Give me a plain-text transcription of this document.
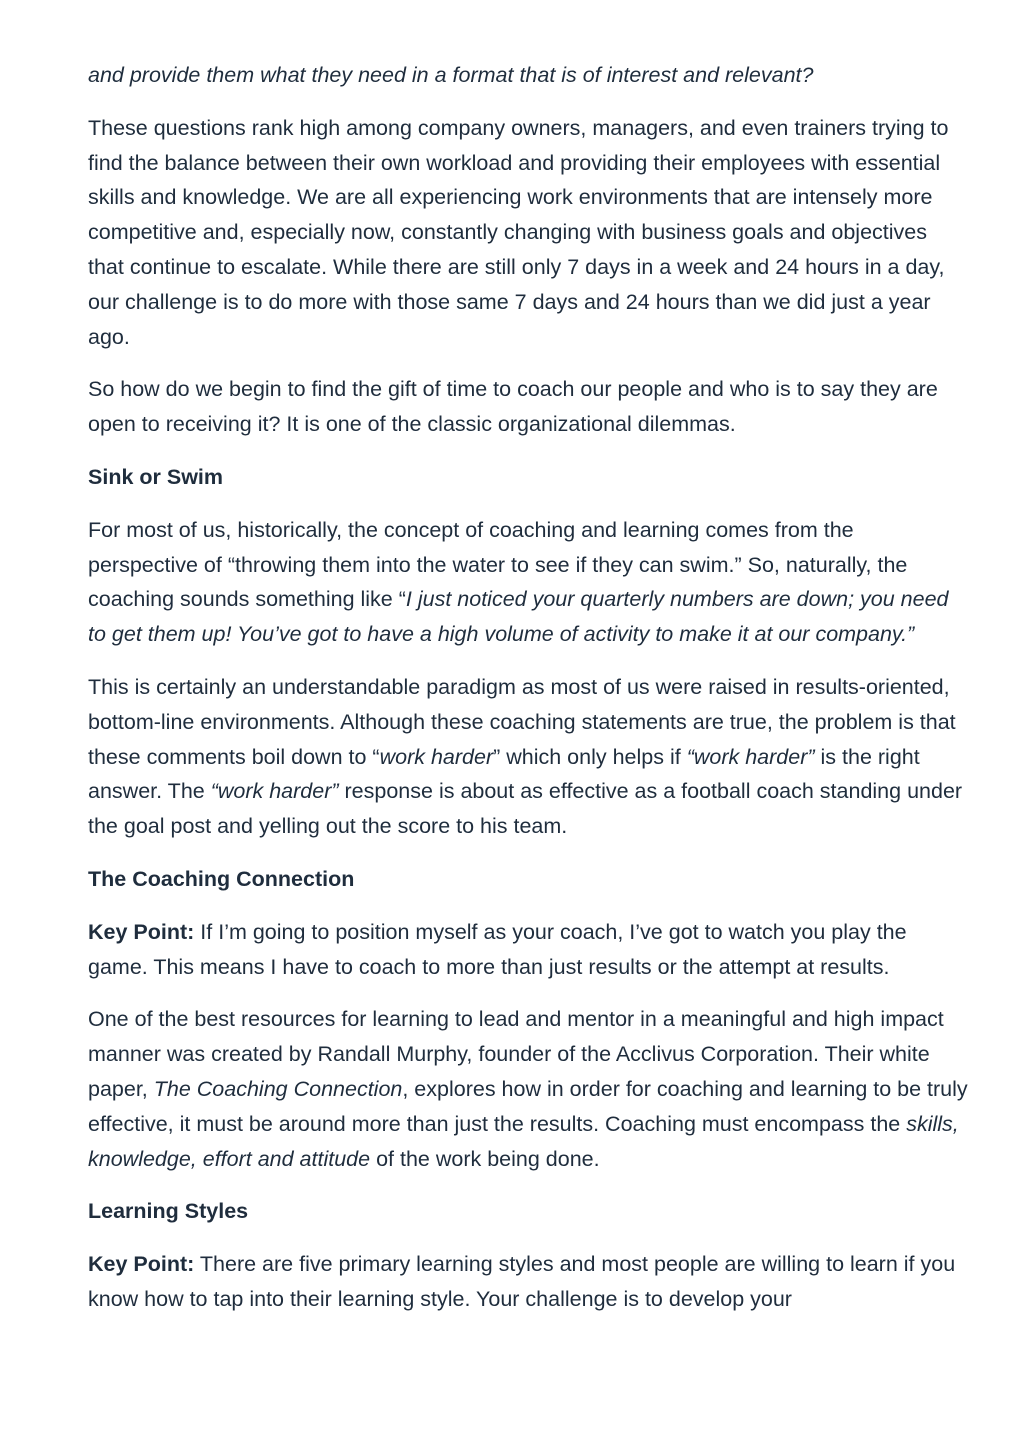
and provide them what they need in a format that is of interest and relevant?

These questions rank high among company owners, managers, and even trainers trying to find the balance between their own workload and providing their employees with essential skills and knowledge. We are all experiencing work environments that are intensely more competitive and, especially now, constantly changing with business goals and objectives that continue to escalate. While there are still only 7 days in a week and 24 hours in a day, our challenge is to do more with those same 7 days and 24 hours than we did just a year ago.

So how do we begin to find the gift of time to coach our people and who is to say they are open to receiving it? It is one of the classic organizational dilemmas.

Sink or Swim

For most of us, historically, the concept of coaching and learning comes from the perspective of “throwing them into the water to see if they can swim.” So, naturally, the coaching sounds something like “I just noticed your quarterly numbers are down; you need to get them up! You’ve got to have a high volume of activity to make it at our company.”

This is certainly an understandable paradigm as most of us were raised in results-oriented, bottom-line environments. Although these coaching statements are true, the problem is that these comments boil down to “work harder” which only helps if “work harder” is the right answer. The “work harder” response is about as effective as a football coach standing under the goal post and yelling out the score to his team.

The Coaching Connection

Key Point: If I’m going to position myself as your coach, I’ve got to watch you play the game. This means I have to coach to more than just results or the attempt at results.

One of the best resources for learning to lead and mentor in a meaningful and high impact manner was created by Randall Murphy, founder of the Acclivus Corporation. Their white paper, The Coaching Connection, explores how in order for coaching and learning to be truly effective, it must be around more than just the results. Coaching must encompass the skills, knowledge, effort and attitude of the work being done.

Learning Styles

Key Point: There are five primary learning styles and most people are willing to learn if you know how to tap into their learning style. Your challenge is to develop your
